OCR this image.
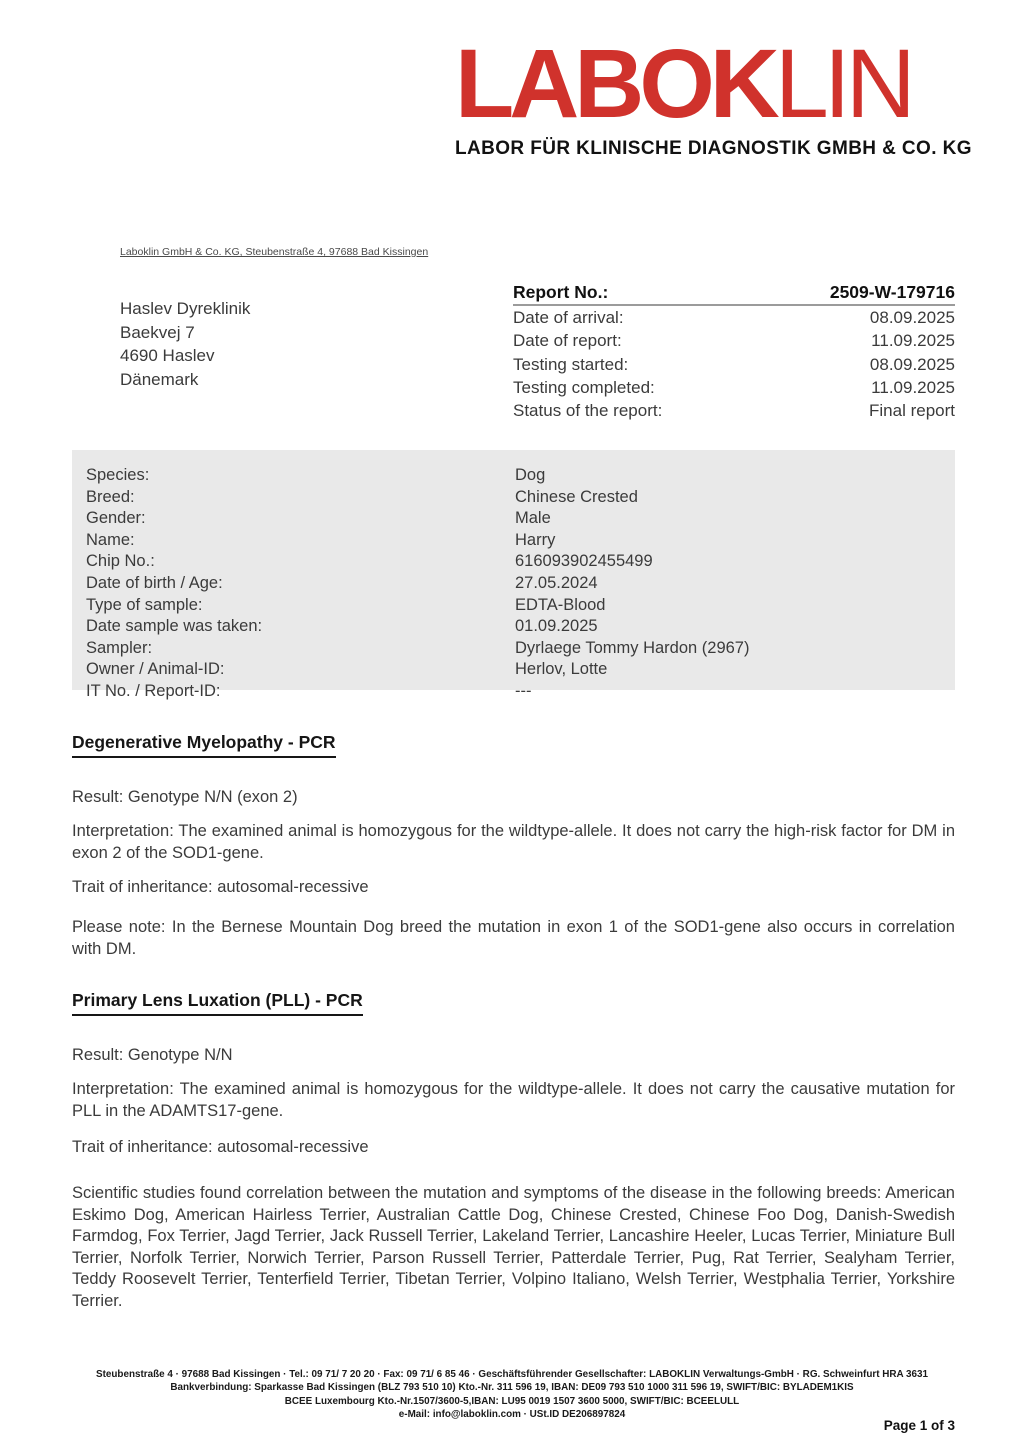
LABOKLIN
LABOR FÜR KLINISCHE DIAGNOSTIK GMBH & CO. KG
Laboklin GmbH & Co. KG, Steubenstraße 4, 97688 Bad Kissingen
Haslev Dyreklinik
Baekvej 7
4690 Haslev
Dänemark
Report No.:	2509-W-179716
Date of arrival:	08.09.2025
Date of report:	11.09.2025
Testing started:	08.09.2025
Testing completed:	11.09.2025
Status of the report:	Final report
Species:	Dog
Breed:	Chinese Crested
Gender:	Male
Name:	Harry
Chip No.:	616093902455499
Date of birth / Age:	27.05.2024
Type of sample:	EDTA-Blood
Date sample was taken:	01.09.2025
Sampler:	Dyrlaege Tommy Hardon (2967)
Owner / Animal-ID:	Herlov, Lotte
IT No. / Report-ID:	---
Degenerative Myelopathy - PCR
Result: Genotype N/N (exon 2)
Interpretation: The examined animal is homozygous for the wildtype-allele. It does not carry the high-risk factor for DM in exon 2 of the SOD1-gene.
Trait of inheritance: autosomal-recessive
Please note: In the Bernese Mountain Dog breed the mutation in exon 1 of the SOD1-gene also occurs in correlation with DM.
Primary Lens Luxation (PLL) - PCR
Result: Genotype N/N
Interpretation: The examined animal is homozygous for the wildtype-allele. It does not carry the causative mutation for PLL in the ADAMTS17-gene.
Trait of inheritance: autosomal-recessive
Scientific studies found correlation between the mutation and symptoms of the disease in the following breeds: American Eskimo Dog, American Hairless Terrier, Australian Cattle Dog, Chinese Crested, Chinese Foo Dog, Danish-Swedish Farmdog, Fox Terrier, Jagd Terrier, Jack Russell Terrier, Lakeland Terrier, Lancashire Heeler, Lucas Terrier, Miniature Bull Terrier, Norfolk Terrier, Norwich Terrier, Parson Russell Terrier, Patterdale Terrier, Pug, Rat Terrier, Sealyham Terrier, Teddy Roosevelt Terrier, Tenterfield Terrier, Tibetan Terrier, Volpino Italiano, Welsh Terrier, Westphalia Terrier, Yorkshire Terrier.
Steubenstraße 4 · 97688 Bad Kissingen · Tel.: 09 71/ 7 20 20 · Fax: 09 71/ 6 85 46 · Geschäftsführender Gesellschafter: LABOKLIN Verwaltungs-GmbH · RG. Schweinfurt HRA 3631
Bankverbindung: Sparkasse Bad Kissingen (BLZ 793 510 10) Kto.-Nr. 311 596 19, IBAN: DE09 793 510 1000 311 596 19, SWIFT/BIC: BYLADEM1KIS
BCEE Luxembourg Kto.-Nr.1507/3600-5,IBAN: LU95 0019 1507 3600 5000, SWIFT/BIC: BCEELULL
e-Mail: info@laboklin.com · USt.ID DE206897824
Page 1 of 3
